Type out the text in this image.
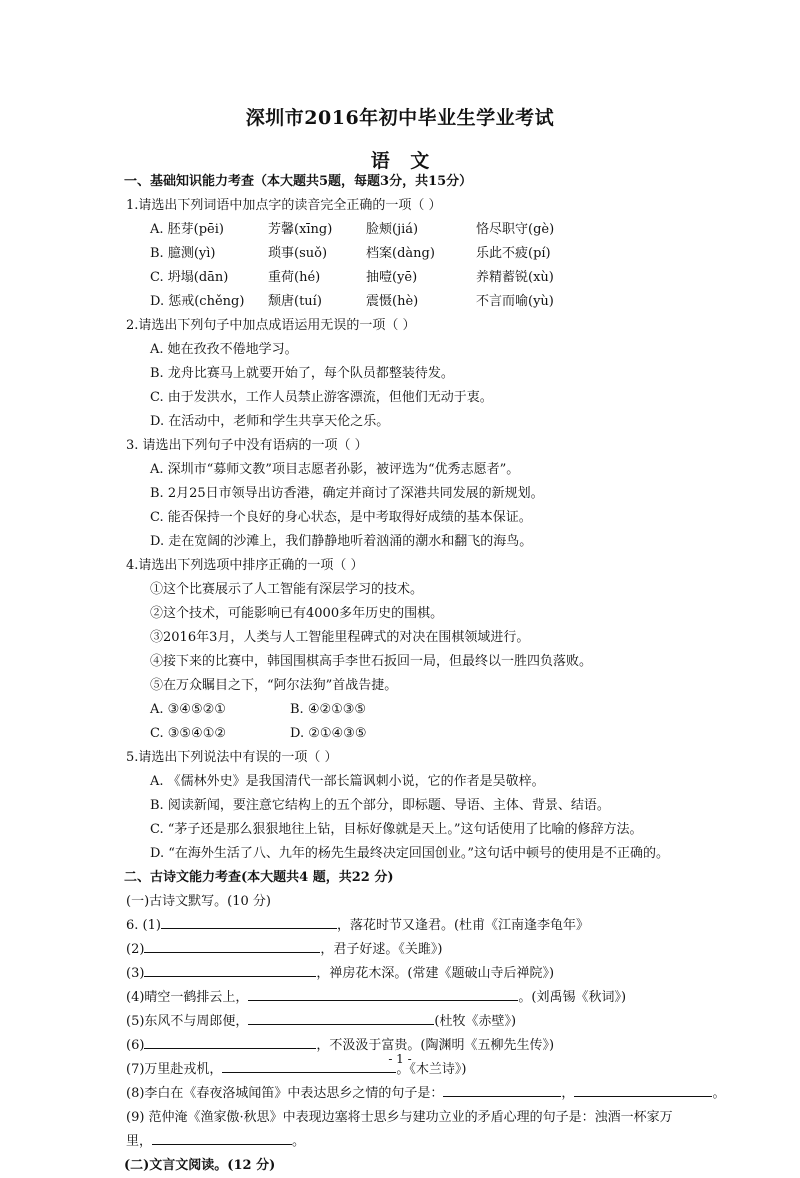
深圳市2016年初中毕业生学业考试
语 文
一、基础知识能力考查（本大题共5题，每题3分，共15分）
1.请选出下列词语中加点字的读音完全正确的一项（ ）
A. 胚芽(pēi)	芳馨(xīng)	脸颊(jiá)	恪尽职守(gè)
B. 臆测(yì)	琐事(suǒ)	档案(dàng)	乐此不疲(pí)
C. 坍塌(dān)	重荷(hé)	抽噎(yē)	养精蓄锐(xù)
D. 惩戒(chěng)	颓唐(tuí)	震慑(hè)	不言而喻(yù)
2.请选出下列句子中加点成语运用无误的一项（ ）
A. 她在孜孜不倦地学习。
B. 龙舟比赛马上就要开始了，每个队员都整装待发。
C. 由于发洪水，工作人员禁止游客漂流，但他们无动于衷。
D. 在活动中，老师和学生共享天伦之乐。
3. 请选出下列句子中没有语病的一项（ ）
A. 深圳市“募师文教”项目志愿者孙影，被评选为“优秀志愿者”。
B. 2月25日市领导出访香港，确定并商讨了深港共同发展的新规划。
C. 能否保持一个良好的身心状态，是中考取得好成绩的基本保证。
D. 走在宽阔的沙滩上，我们静静地听着汹涌的潮水和翻飞的海鸟。
4.请选出下列选项中排序正确的一项（ ）
①这个比赛展示了人工智能有深层学习的技术。
②这个技术，可能影响已有4000多年历史的围棋。
③2016年3月，人类与人工智能里程碑式的对决在围棋领域进行。
④接下来的比赛中，韩国围棋高手李世石扳回一局，但最终以一胜四负落败。
⑤在万众瞩目之下，“阿尔法狗”首战告捷。
A. ③④⑤②①	B. ④②①③⑤
C. ③⑤④①②	D. ②①④③⑤
5.请选出下列说法中有误的一项（ ）
A. 《儒林外史》是我国清代一部长篇讽刺小说，它的作者是吴敬梓。
B. 阅读新闻，要注意它结构上的五个部分，即标题、导语、主体、背景、结语。
C. “茅子还是那么狠狠地往上钻，目标好像就是天上。”这句话使用了比喻的修辞方法。
D. “在海外生活了八、九年的杨先生最终决定回国创业。”这句话中顿号的使用是不正确的。
二、古诗文能力考查(本大题共4 题，共22 分)
(一)古诗文默写。(10 分)
6. (1)	，落花时节又逢君。(杜甫《江南逢李龟年》
(2)	，君子好逑。《关雎》)
(3)	，禅房花木深。(常建《题破山寺后禅院》)
(4)晴空一鹤排云上，	。(刘禹锡《秋词》)
(5)东风不与周郎便，	(杜牧《赤壁》)
(6)	，不汲汲于富贵。(陶渊明《五柳先生传》)
(7)万里赴戎机，	。《木兰诗》)
(8)李白在《春夜洛城闻笛》中表达思乡之情的句子是：	，	。
(9) 范仲淹《渔家傲·秋思》中表现边塞将士思乡与建功立业的矛盾心理的句子是：浊酒一杯家万里，	。
(二)文言文阅读。(12 分)
- 1 -
